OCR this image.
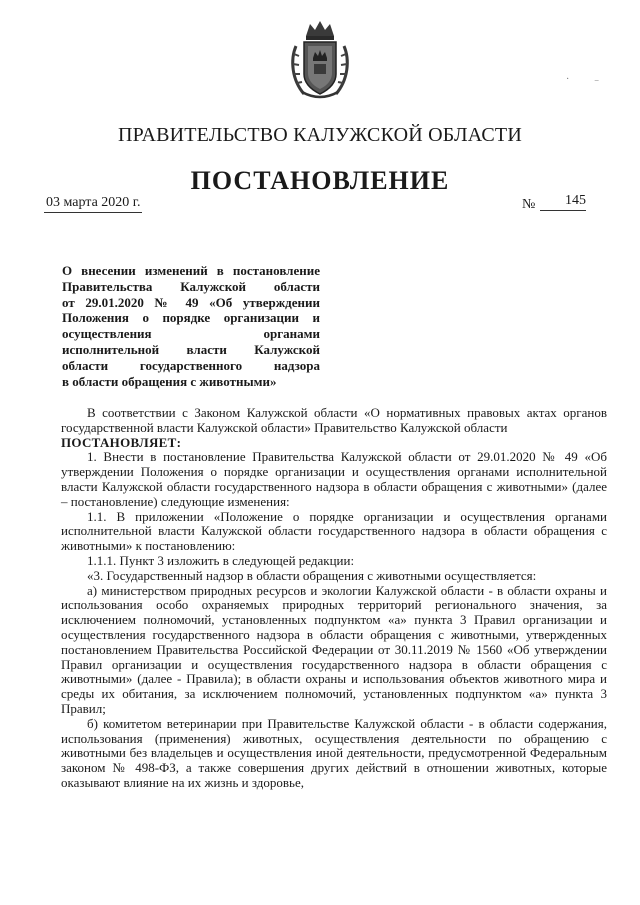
ПРАВИТЕЛЬСТВО КАЛУЖСКОЙ ОБЛАСТИ
ПОСТАНОВЛЕНИЕ
03 марта 2020 г.	№	145
О внесении изменений в постановление
Правительства Калужской области
от 29.01.2020 № 49 «Об утверждении
Положения о порядке организации и
осуществления органами
исполнительной власти Калужской
области государственного надзора
в области обращения с животными»

В соответствии с Законом Калужской области «О нормативных правовых актах органов государственной власти Калужской области» Правительство Калужской области

ПОСТАНОВЛЯЕТ:

1. Внести в постановление Правительства Калужской области от 29.01.2020 № 49 «Об утверждении Положения о порядке организации и осуществления органами исполнительной власти Калужской области государственного надзора в области обращения с животными» (далее – постановление) следующие изменения:

1.1. В приложении «Положение о порядке организации и осуществления органами исполнительной власти Калужской области государственного надзора в области обращения с животными» к постановлению:

1.1.1. Пункт 3 изложить в следующей редакции:

«3. Государственный надзор в области обращения с животными осуществляется:

а) министерством природных ресурсов и экологии Калужской области - в области охраны и использования особо охраняемых природных территорий регионального значения, за исключением полномочий, установленных подпунктом «а» пункта 3 Правил организации и осуществления государственного надзора в области обращения с животными, утвержденных постановлением Правительства Российской Федерации от 30.11.2019 № 1560 «Об утверждении Правил организации и осуществления государственного надзора в области обращения с животными» (далее - Правила); в области охраны и использования объектов животного мира и среды их обитания, за исключением полномочий, установленных подпунктом «а» пункта 3 Правил;

б) комитетом ветеринарии при Правительстве Калужской области - в области содержания, использования (применения) животных, осуществления деятельности по обращению с животными без владельцев и осуществления иной деятельности, предусмотренной Федеральным законом № 498-ФЗ, а также совершения других действий в отношении животных, которые оказывают влияние на их жизнь и здоровье,

· ⁻
